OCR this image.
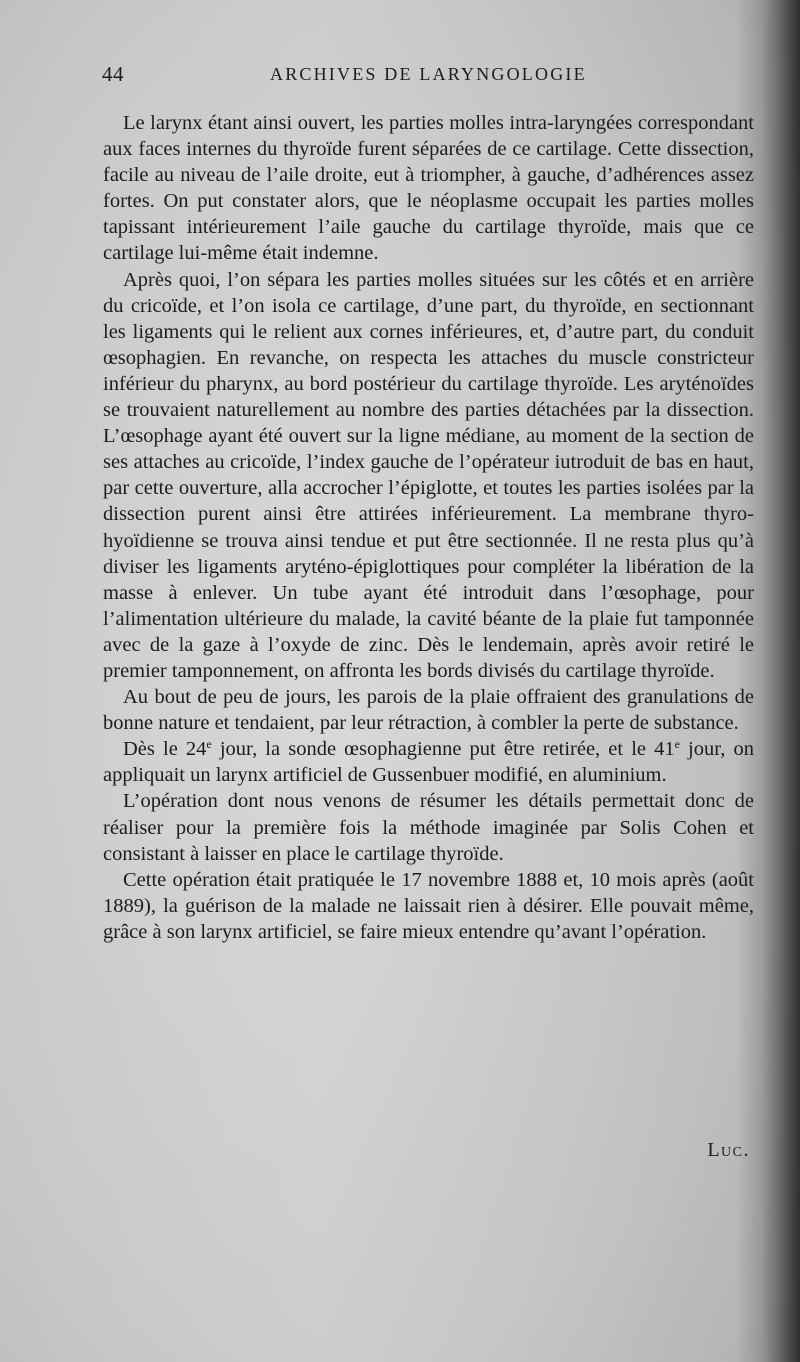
44	ARCHIVES DE LARYNGOLOGIE

Le larynx étant ainsi ouvert, les parties molles intra-laryngées correspondant aux faces internes du thyroïde furent séparées de ce cartilage. Cette dissection, facile au niveau de l’aile droite, eut à triompher, à gauche, d’adhérences assez fortes. On put constater alors, que le néoplasme occupait les parties molles tapissant intérieurement l’aile gauche du cartilage thyroïde, mais que ce cartilage lui-même était indemne.

Après quoi, l’on sépara les parties molles situées sur les côtés et en arrière du cricoïde, et l’on isola ce cartilage, d’une part, du thyroïde, en sectionnant les ligaments qui le relient aux cornes inférieures, et, d’autre part, du conduit œsophagien. En revanche, on respecta les attaches du muscle constricteur inférieur du pharynx, au bord postérieur du cartilage thyroïde. Les aryténoïdes se trouvaient naturellement au nombre des parties détachées par la dissection. L’œsophage ayant été ouvert sur la ligne médiane, au moment de la section de ses attaches au cricoïde, l’index gauche de l’opérateur iutroduit de bas en haut, par cette ouverture, alla accrocher l’épiglotte, et toutes les parties isolées par la dissection purent ainsi être attirées inférieurement. La membrane thyro-hyoïdienne se trouva ainsi tendue et put être sectionnée. Il ne resta plus qu’à diviser les ligaments aryténo-épiglottiques pour compléter la libération de la masse à enlever. Un tube ayant été introduit dans l’œsophage, pour l’alimentation ultérieure du malade, la cavité béante de la plaie fut tamponnée avec de la gaze à l’oxyde de zinc. Dès le lendemain, après avoir retiré le premier tamponnement, on affronta les bords divisés du cartilage thyroïde.

Au bout de peu de jours, les parois de la plaie offraient des granulations de bonne nature et tendaient, par leur rétraction, à combler la perte de substance.

Dès le 24e jour, la sonde œsophagienne put être retirée, et le 41e jour, on appliquait un larynx artificiel de Gussenbuer modifié, en aluminium.

L’opération dont nous venons de résumer les détails permettait donc de réaliser pour la première fois la méthode imaginée par Solis Cohen et consistant à laisser en place le cartilage thyroïde.

Cette opération était pratiquée le 17 novembre 1888 et, 10 mois après (août 1889), la guérison de la malade ne laissait rien à désirer. Elle pouvait même, grâce à son larynx artificiel, se faire mieux entendre qu’avant l’opération.

Luc.
